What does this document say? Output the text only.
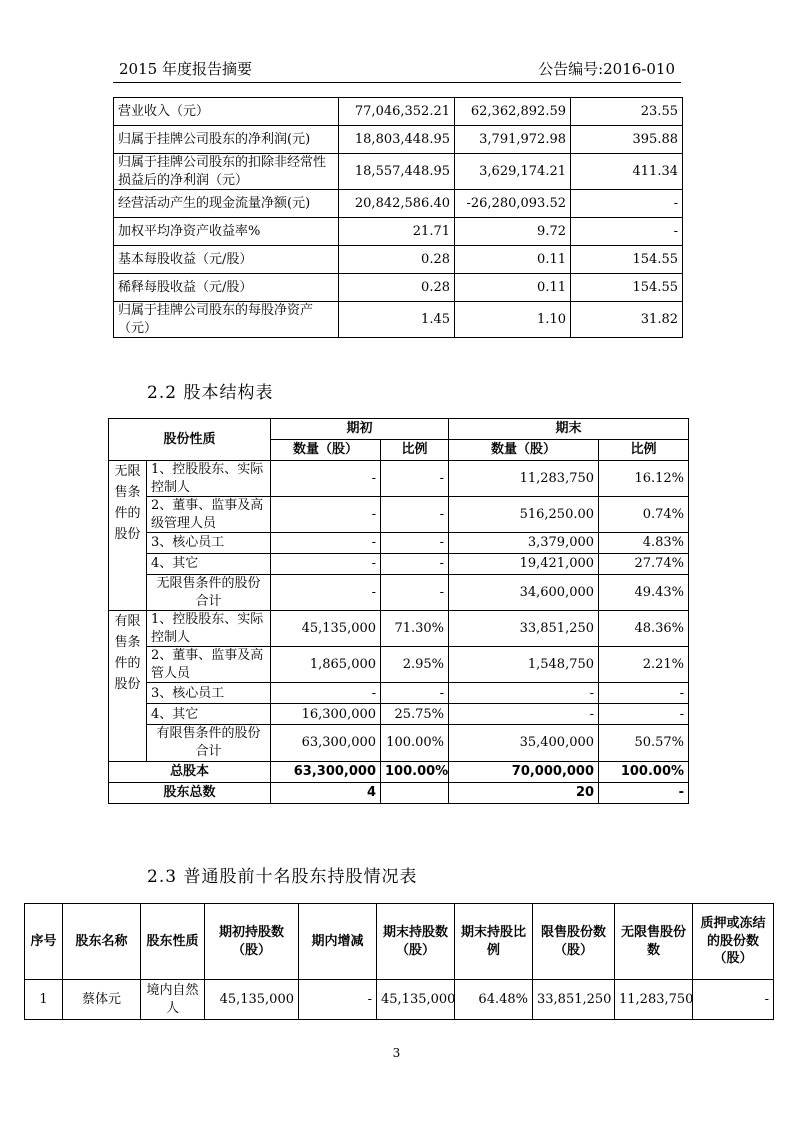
2015 年度报告摘要	公告编号:2016-010
营业收入（元）	77,046,352.21	62,362,892.59	23.55
归属于挂牌公司股东的净利润(元)	18,803,448.95	3,791,972.98	395.88
归属于挂牌公司股东的扣除非经常性损益后的净利润（元）	18,557,448.95	3,629,174.21	411.34
经营活动产生的现金流量净额(元)	20,842,586.40	-26,280,093.52	-
加权平均净资产收益率%	21.71	9.72	-
基本每股收益（元/股）	0.28	0.11	154.55
稀释每股收益（元/股）	0.28	0.11	154.55
归属于挂牌公司股东的每股净资产（元）	1.45	1.10	31.82
2.2 股本结构表
股份性质		期初		期末	
		数量（股）	比例	数量（股）	比例
无限售条件的股份	1、控股股东、实际控制人	-	-	11,283,750	16.12%
	2、董事、监事及高级管理人员	-	-	516,250.00	0.74%
	3、核心员工	-	-	3,379,000	4.83%
	4、其它	-	-	19,421,000	27.74%
	无限售条件的股份合计	-	-	34,600,000	49.43%
有限售条件的股份	1、控股股东、实际控制人	45,135,000	71.30%	33,851,250	48.36%
	2、董事、监事及高管人员	1,865,000	2.95%	1,548,750	2.21%
	3、核心员工	-	-	-	-
	4、其它	16,300,000	25.75%	-	-
	有限售条件的股份合计	63,300,000	100.00%	35,400,000	50.57%
总股本		63,300,000	100.00%	70,000,000	100.00%
股东总数		4		20	-
2.3 普通股前十名股东持股情况表
序号	股东名称	股东性质	期初持股数（股）	期内增减	期末持股数（股）	期末持股比例	限售股份数（股）	无限售股份数	质押或冻结的股份数（股）
1	蔡体元	境内自然人	45,135,000	-	45,135,000	64.48%	33,851,250	11,283,750	-
3
